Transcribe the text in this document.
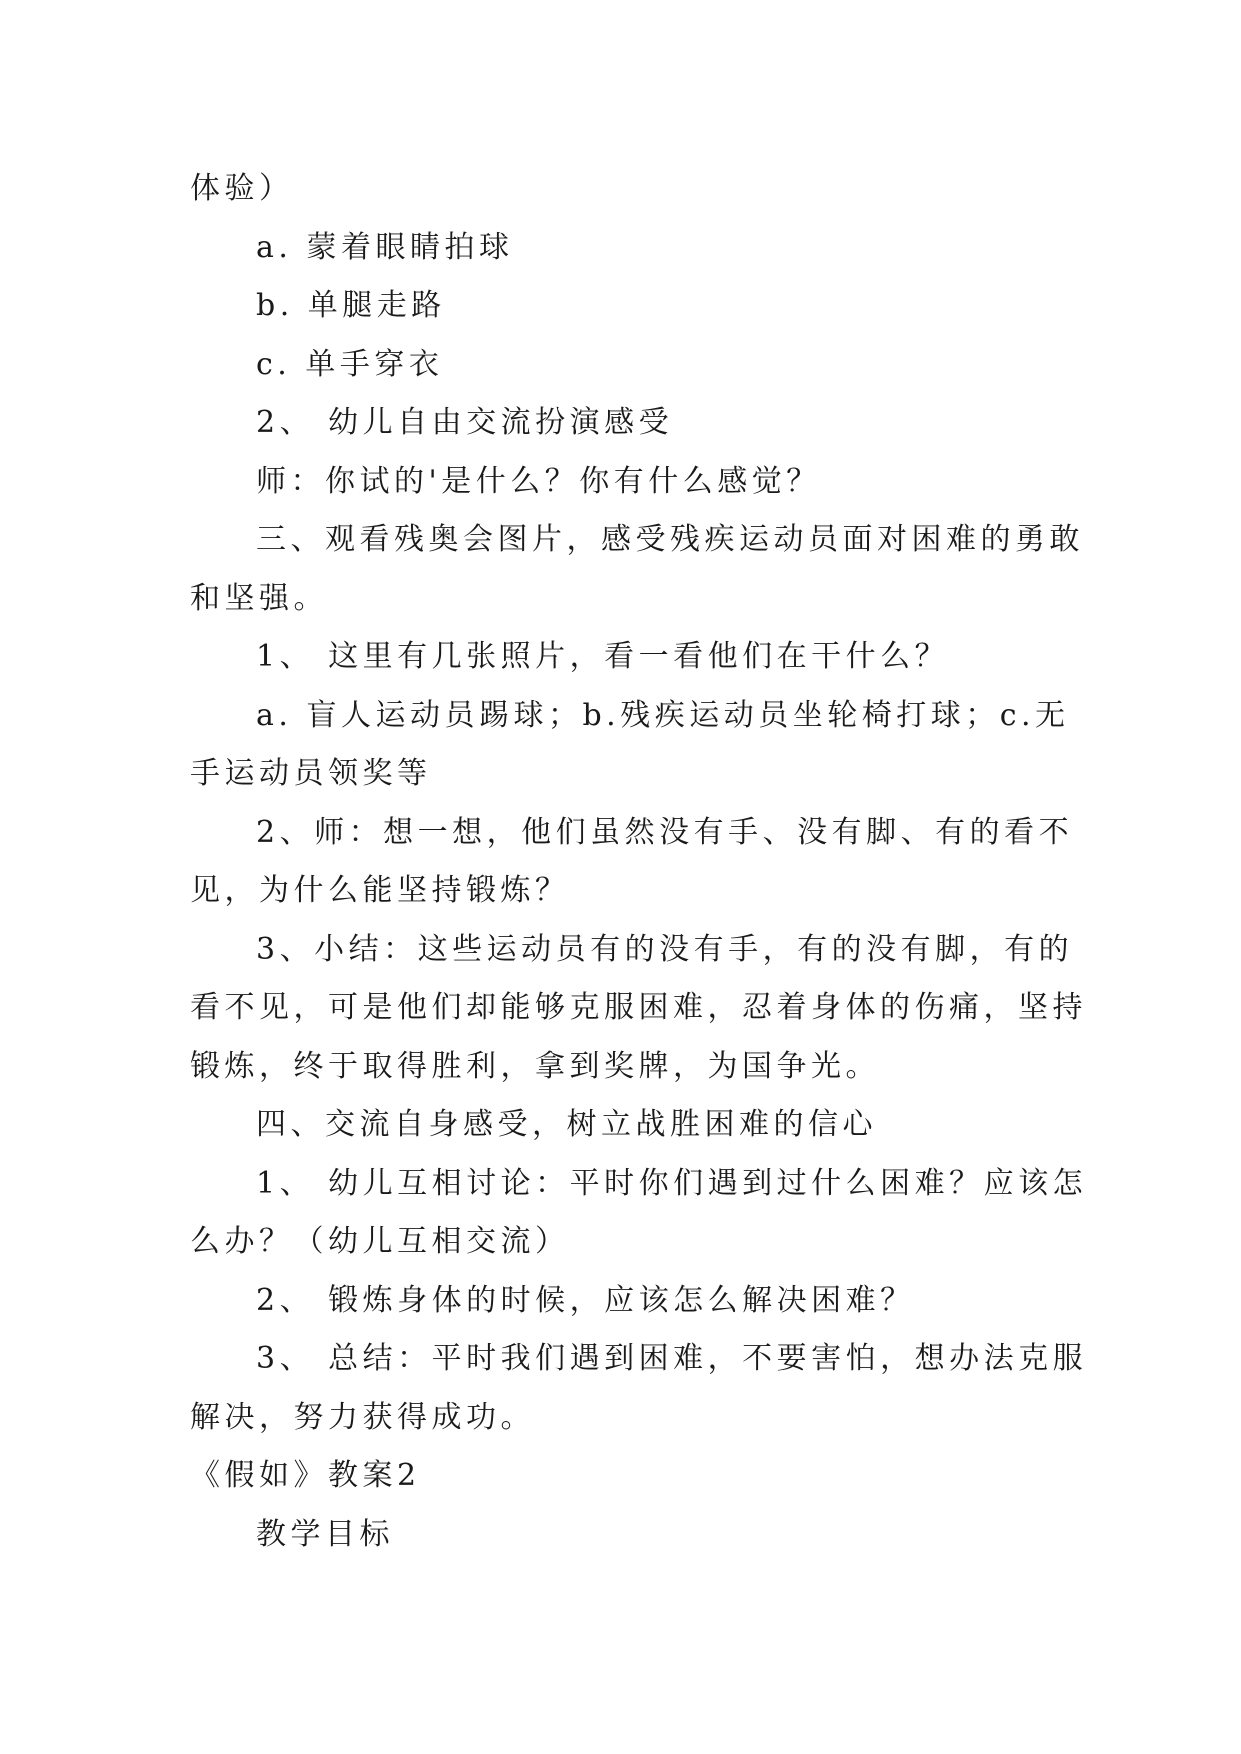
体验）
a. 蒙着眼睛拍球
b. 单腿走路
c. 单手穿衣
2、 幼儿自由交流扮演感受
师：你试的'是什么？你有什么感觉？
三、观看残奥会图片，感受残疾运动员面对困难的勇敢
和坚强。
1、 这里有几张照片，看一看他们在干什么？
a. 盲人运动员踢球；b.残疾运动员坐轮椅打球；c.无
手运动员领奖等
2、师：想一想，他们虽然没有手、没有脚、有的看不
见，为什么能坚持锻炼？
3、小结：这些运动员有的没有手，有的没有脚，有的
看不见，可是他们却能够克服困难，忍着身体的伤痛，坚持
锻炼，终于取得胜利，拿到奖牌，为国争光。
四、交流自身感受，树立战胜困难的信心
1、 幼儿互相讨论：平时你们遇到过什么困难？应该怎
么办？（幼儿互相交流）
2、 锻炼身体的时候，应该怎么解决困难？
3、 总结：平时我们遇到困难，不要害怕，想办法克服
解决，努力获得成功。
《假如》教案2
教学目标
